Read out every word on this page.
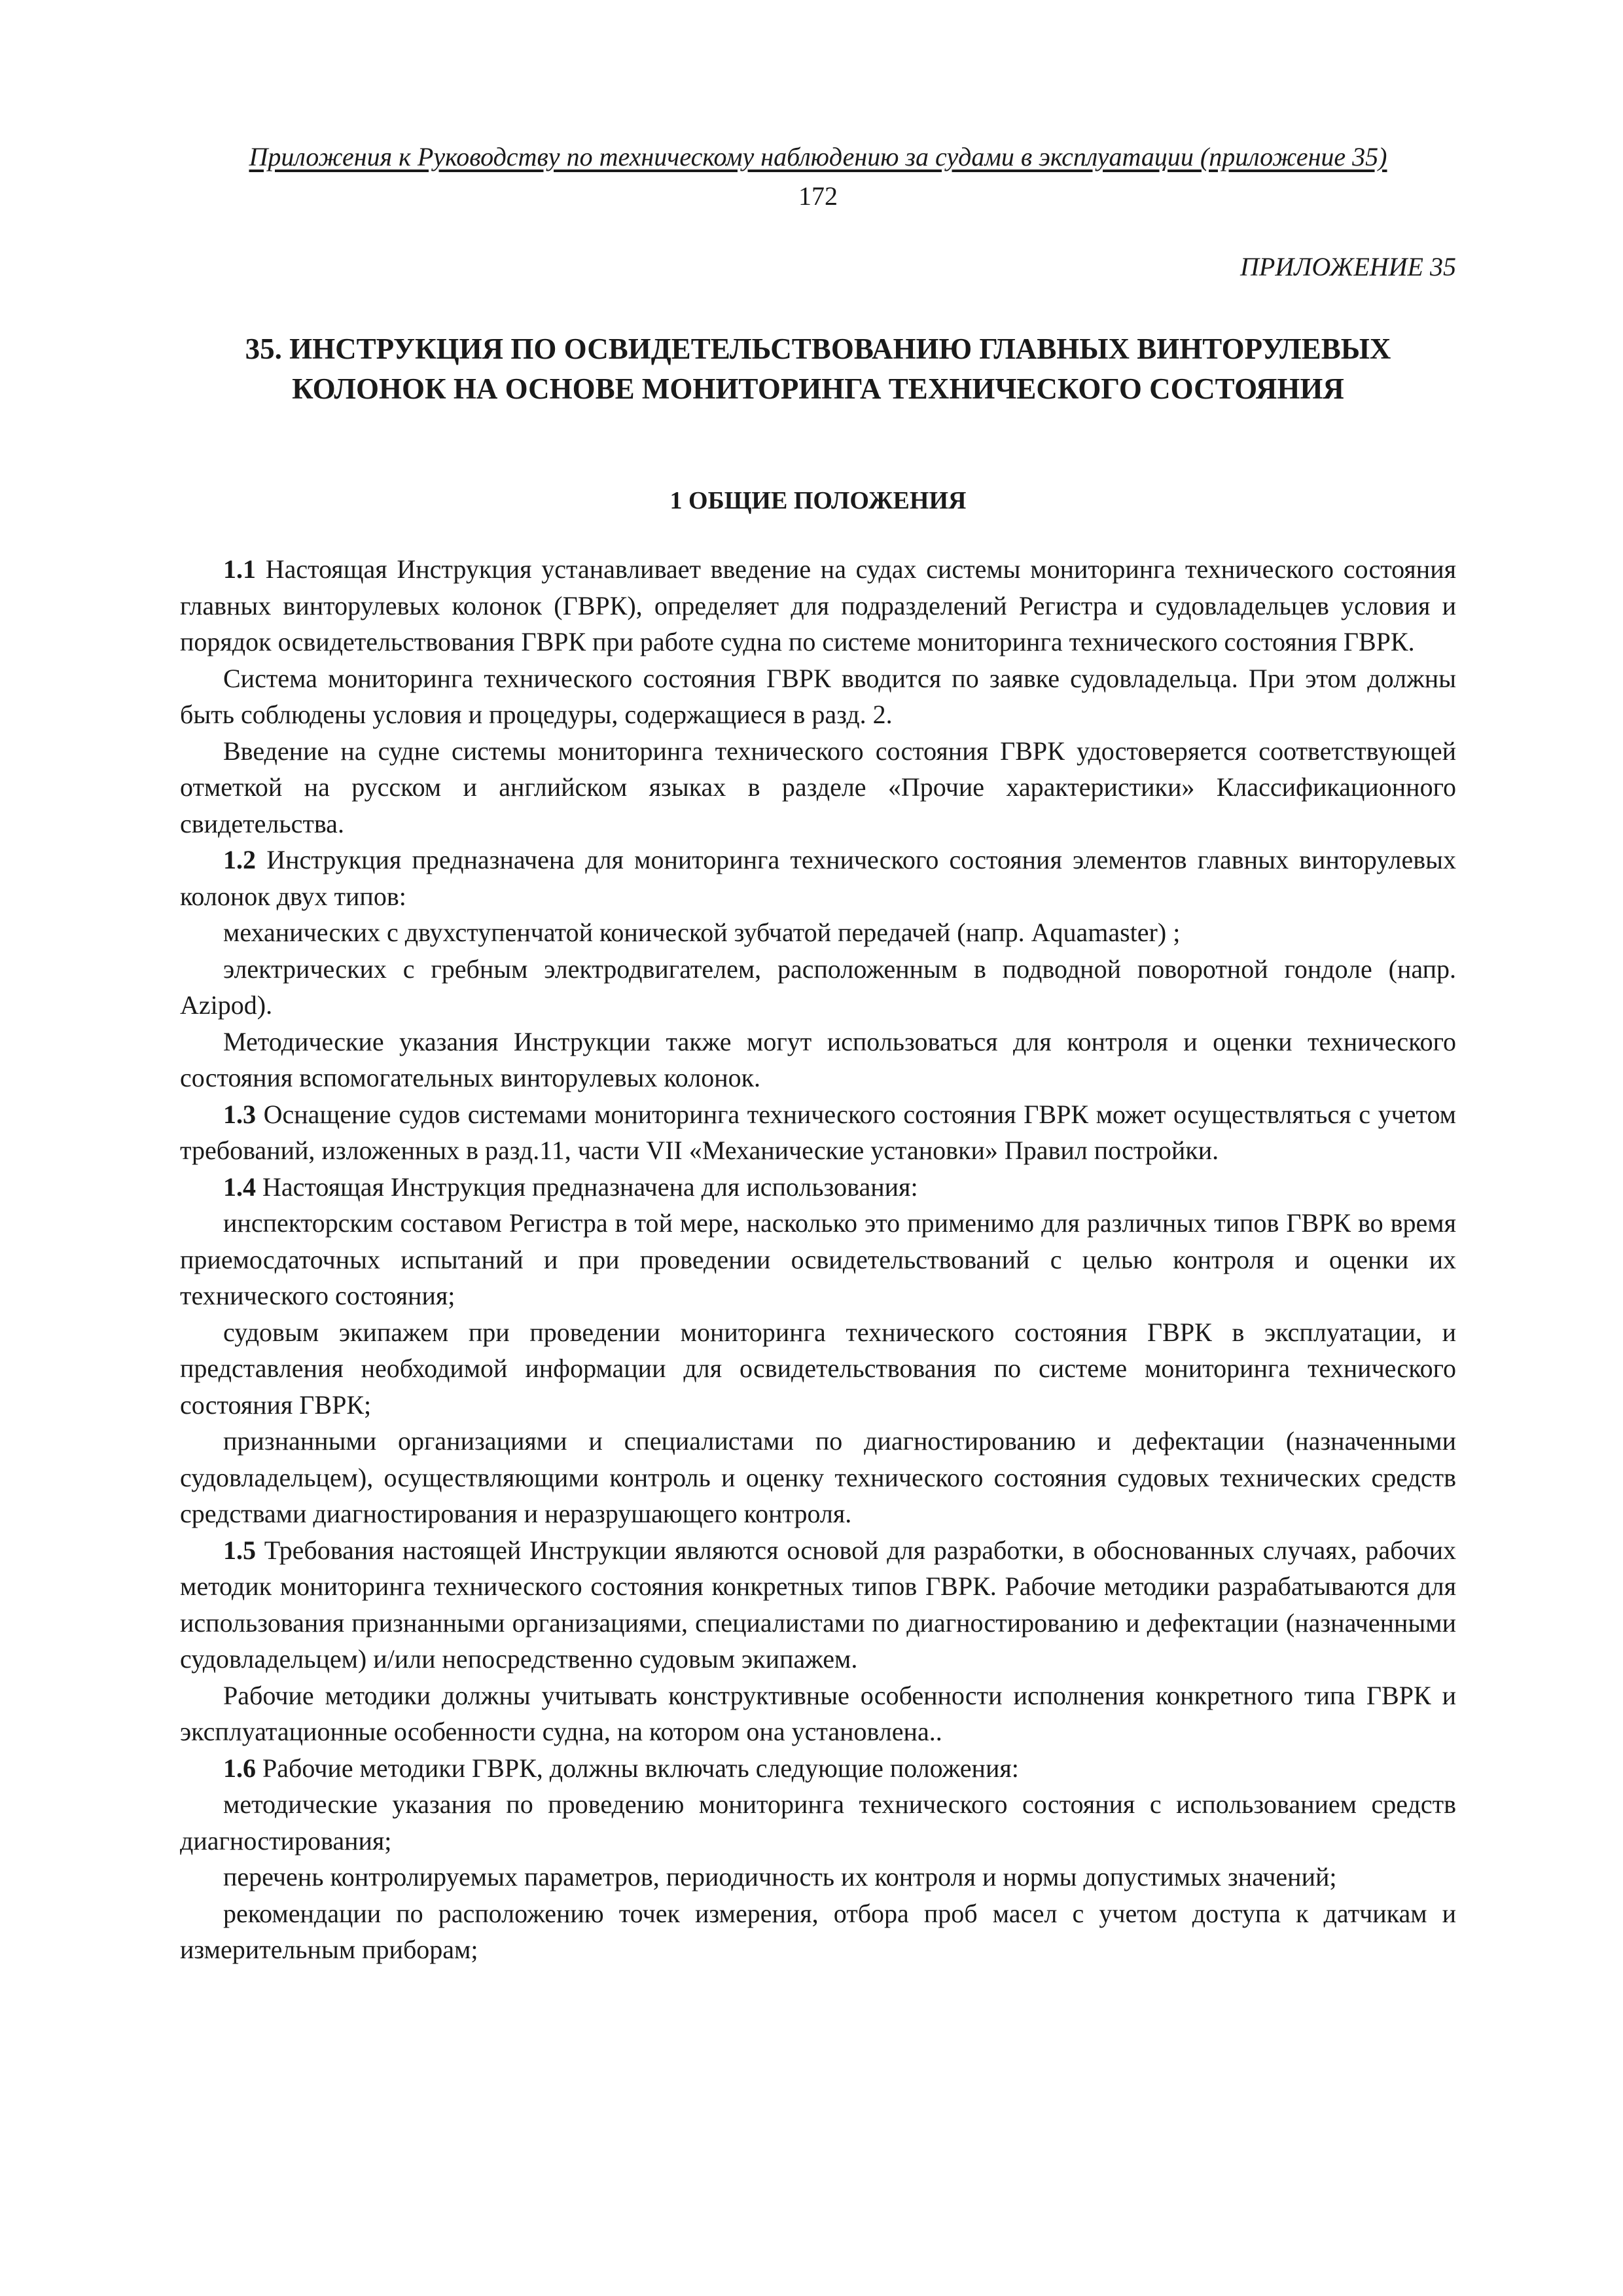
Приложения к Руководству по техническому наблюдению за судами в эксплуатации (приложение 35)
172
ПРИЛОЖЕНИЕ 35
35. ИНСТРУКЦИЯ ПО ОСВИДЕТЕЛЬСТВОВАНИЮ ГЛАВНЫХ ВИНТОРУЛЕВЫХ
КОЛОНОК НА ОСНОВЕ МОНИТОРИНГА ТЕХНИЧЕСКОГО СОСТОЯНИЯ
1 ОБЩИЕ ПОЛОЖЕНИЯ

1.1 Настоящая Инструкция устанавливает введение на судах системы мониторинга технического состояния главных винторулевых колонок (ГВРК), определяет для подразделений Регистра и судовладельцев условия и порядок освидетельствования ГВРК при работе судна по системе мониторинга технического состояния ГВРК.

Система мониторинга технического состояния ГВРК вводится по заявке судовладельца. При этом должны быть соблюдены условия и процедуры, содержащиеся в разд. 2.

Введение на судне системы мониторинга технического состояния ГВРК удостоверяется соответствующей отметкой на русском и английском языках в разделе «Прочие характеристики» Классификационного свидетельства.

1.2 Инструкция предназначена для мониторинга технического состояния элементов главных винторулевых колонок двух типов:

механических с двухступенчатой конической зубчатой передачей (напр. Aquamaster) ;

электрических с гребным электродвигателем, расположенным в подводной поворотной гондоле (напр. Azipod).

Методические указания Инструкции также могут использоваться для контроля и оценки технического состояния вспомогательных винторулевых колонок.

1.3 Оснащение судов системами мониторинга технического состояния ГВРК может осуществляться с учетом требований, изложенных в разд.11, части VII «Механические установки» Правил постройки.

1.4 Настоящая Инструкция предназначена для использования:

инспекторским составом Регистра в той мере, насколько это применимо для различных типов ГВРК во время приемосдаточных испытаний и при проведении освидетельствований с целью контроля и оценки их технического состояния;

судовым экипажем при проведении мониторинга технического состояния ГВРК в эксплуатации, и представления необходимой информации для освидетельствования по системе мониторинга технического состояния ГВРК;

признанными организациями и специалистами по диагностированию и дефектации (назначенными судовладельцем), осуществляющими контроль и оценку технического состояния судовых технических средств средствами диагностирования и неразрушающего контроля.

1.5 Требования настоящей Инструкции являются основой для разработки, в обоснованных случаях, рабочих методик мониторинга технического состояния конкретных типов ГВРК. Рабочие методики разрабатываются для использования признанными организациями, специалистами по диагностированию и дефектации (назначенными судовладельцем) и/или непосредственно судовым экипажем.

Рабочие методики должны учитывать конструктивные особенности исполнения конкретного типа ГВРК и эксплуатационные особенности судна, на котором она установлена..

1.6 Рабочие методики ГВРК, должны включать следующие положения:

методические указания по проведению мониторинга технического состояния с использованием средств диагностирования;

перечень контролируемых параметров, периодичность их контроля и нормы допустимых значений;

рекомендации по расположению точек измерения, отбора проб масел с учетом доступа к датчикам и измерительным приборам;
